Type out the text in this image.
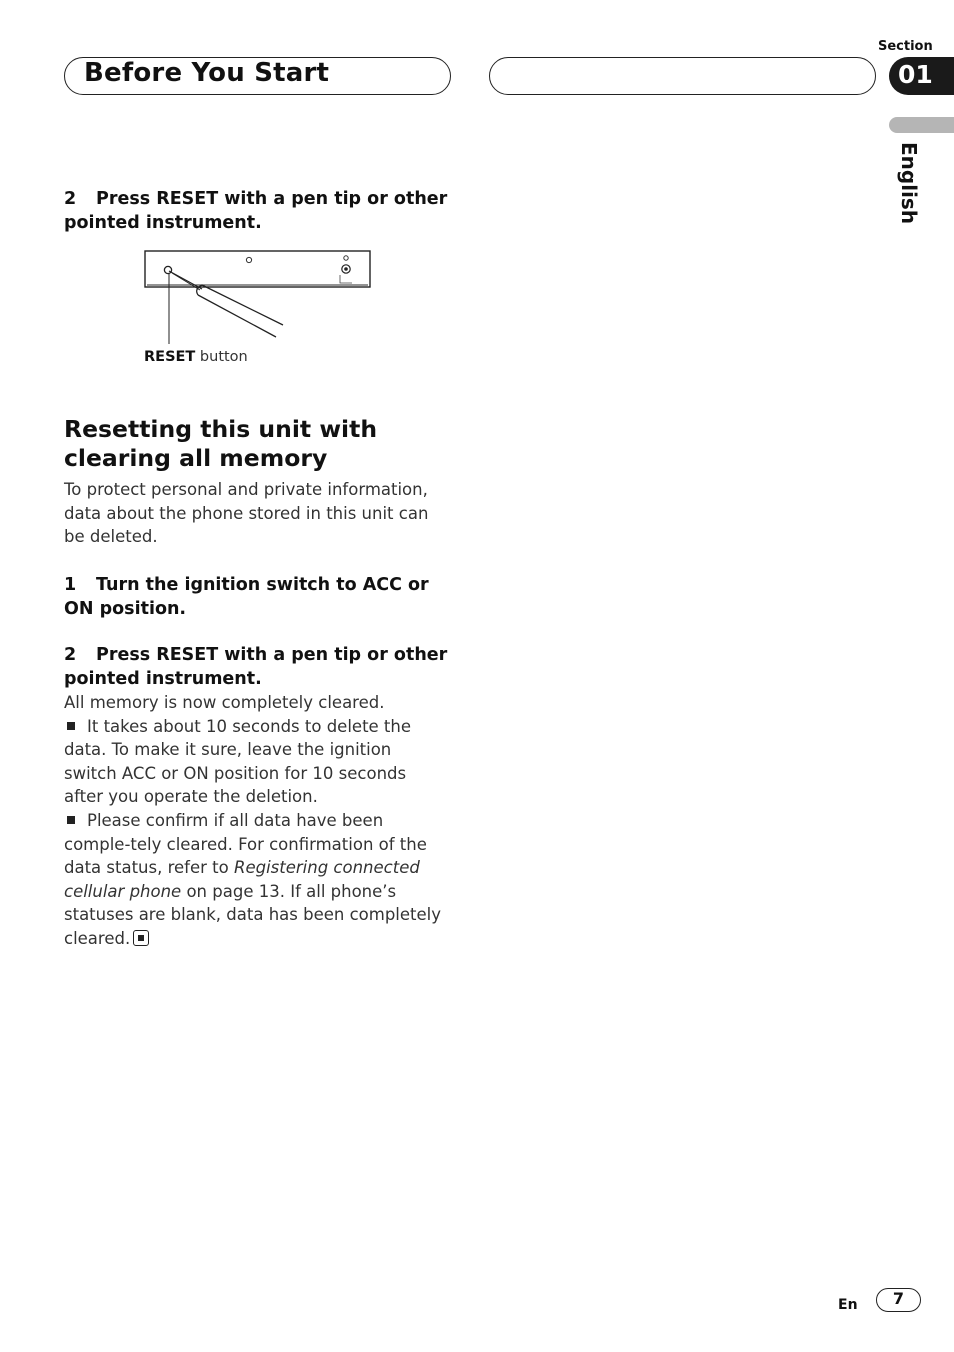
Before You Start
Section
01
English
2 Press RESET with a pen tip or other pointed instrument.
RESET button
Resetting this unit with clearing all memory
To protect personal and private information, data about the phone stored in this unit can be deleted.
1 Turn the ignition switch to ACC or ON position.
2 Press RESET with a pen tip or other pointed instrument.

All memory is now completely cleared.

It takes about 10 seconds to delete the data. To make it sure, leave the ignition switch ACC or ON position for 10 seconds after you operate the deletion.

Please confirm if all data have been comple-tely cleared. For confirmation of the data status, refer to Registering connected cellular phone on page 13. If all phone’s statuses are blank, data has been completely cleared.

En	7
